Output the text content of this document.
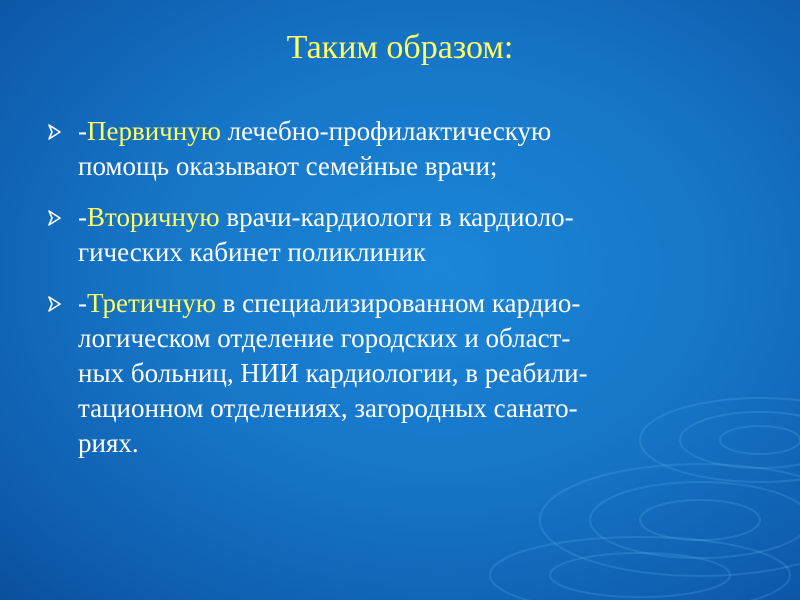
Таким образом:
-Первичную лечебно-профилактическую
помощь оказывают семейные врачи;
-Вторичную врачи-кардиологи в кардиоло-
гических кабинет поликлиник
-Третичную в специализированном кардио-
логическом отделение городских и област-
ных больниц, НИИ кардиологии, в реабили-
тационном отделениях, загородных санато-
риях.
